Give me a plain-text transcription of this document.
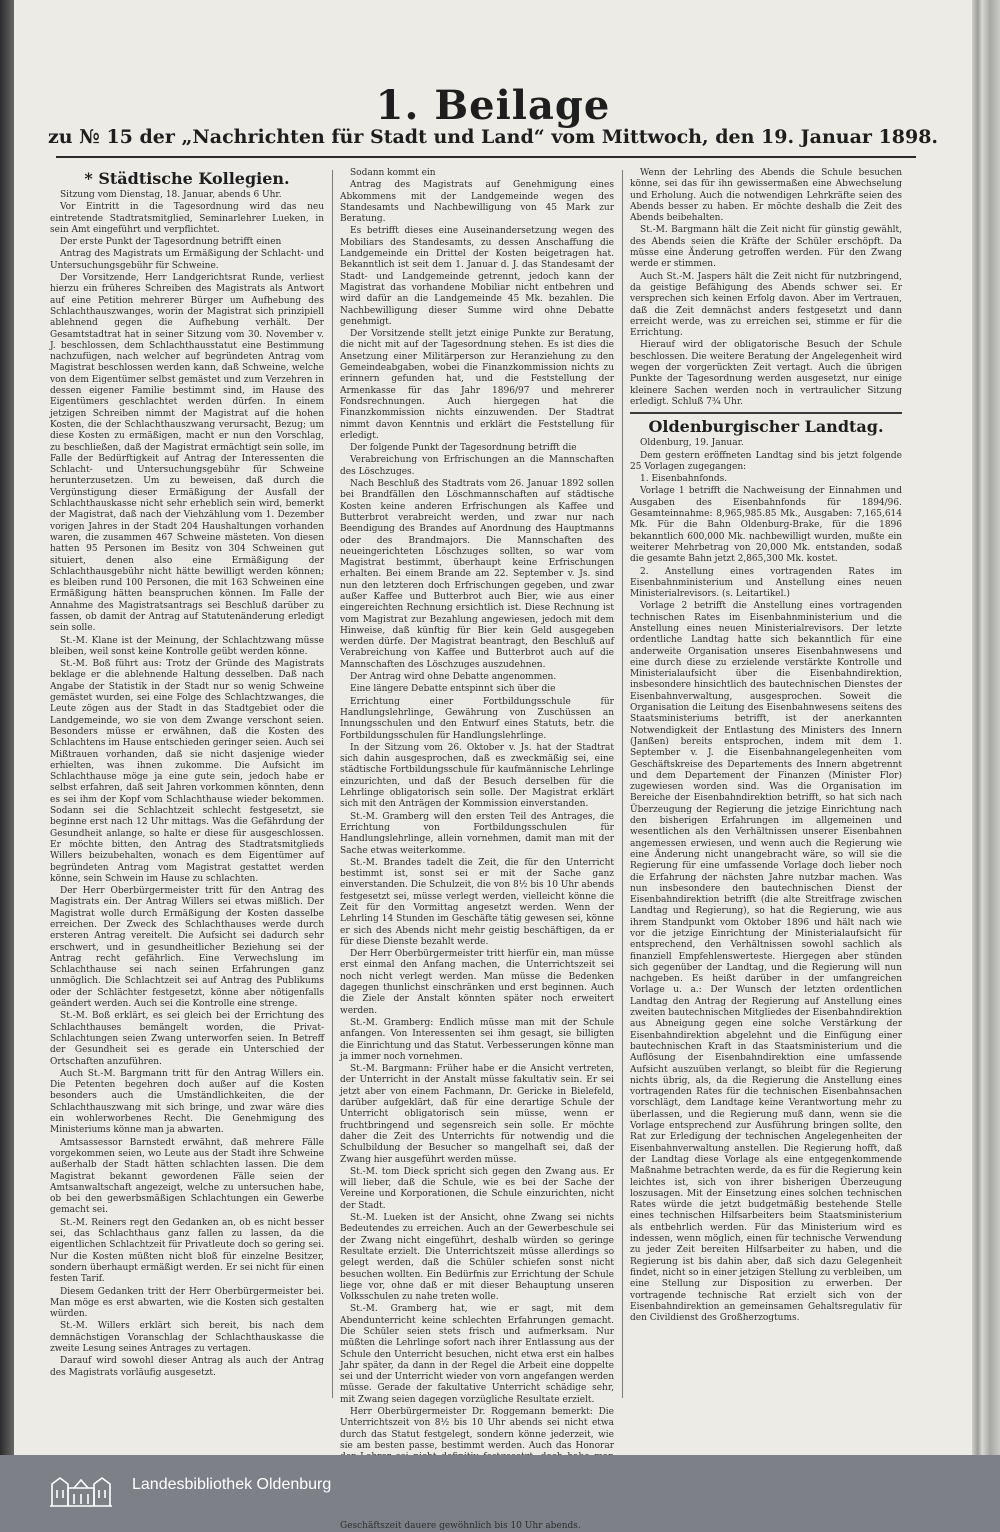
1. Beilage
zu № 15 der „Nachrichten für Stadt und Land“ vom Mittwoch, den 19. Januar 1898.
* Städtische Kollegien.

Sitzung vom Dienstag, 18. Januar, abends 6 Uhr.

Vor Eintritt in die Tagesordnung wird das neu eintretende Stadtratsmitglied, Seminarlehrer Lueken, in sein Amt eingeführt und verpflichtet.

Der erste Punkt der Tagesordnung betrifft einen

Antrag des Magistrats um Ermäßigung der Schlacht- und Untersuchungsgebühr für Schweine.

Der Vorsitzende, Herr Landgerichtsrat Runde, verliest hierzu ein früheres Schreiben des Magistrats als Antwort auf eine Petition mehrerer Bürger um Aufhebung des Schlachthauszwanges, worin der Magistrat sich prinzipiell ablehnend gegen die Aufhebung verhält. Der Gesamtstadtrat hat in seiner Sitzung vom 30. November v. J. beschlossen, dem Schlachthausstatut eine Bestimmung nachzufügen, nach welcher auf begründeten Antrag vom Magistrat beschlossen werden kann, daß Schweine, welche von dem Eigentümer selbst gemästet und zum Verzehren in dessen eigener Familie bestimmt sind, im Hause des Eigentümers geschlachtet werden dürfen. In einem jetzigen Schreiben nimmt der Magistrat auf die hohen Kosten, die der Schlachthauszwang verursacht, Bezug; um diese Kosten zu ermäßigen, macht er nun den Vorschlag, zu beschließen, daß der Magistrat ermächtigt sein solle, im Falle der Bedürftigkeit auf Antrag der Interessenten die Schlacht- und Untersuchungsgebühr für Schweine herunterzusetzen. Um zu beweisen, daß durch die Vergünstigung dieser Ermäßigung der Ausfall der Schlachthauskasse nicht sehr erheblich sein wird, bemerkt der Magistrat, daß nach der Viehzählung vom 1. Dezember vorigen Jahres in der Stadt 204 Haushaltungen vorhanden waren, die zusammen 467 Schweine mästeten. Von diesen hatten 95 Personen im Besitz von 304 Schweinen gut situiert, denen also eine Ermäßigung der Schlachthausgebühr nicht hätte bewilligt werden können; es bleiben rund 100 Personen, die mit 163 Schweinen eine Ermäßigung hätten beanspruchen können. Im Falle der Annahme des Magistratsantrags sei Beschluß darüber zu fassen, ob damit der Antrag auf Statutenänderung erledigt sein solle.

St.-M. Klane ist der Meinung, der Schlachtzwang müsse bleiben, weil sonst keine Kontrolle geübt werden könne.

St.-M. Boß führt aus: Trotz der Gründe des Magistrats beklage er die ablehnende Haltung desselben. Daß nach Angabe der Statistik in der Stadt nur so wenig Schweine gemästet wurden, sei eine Folge des Schlachtzwanges, die Leute zögen aus der Stadt in das Stadtgebiet oder die Landgemeinde, wo sie von dem Zwange verschont seien. Besonders müsse er erwähnen, daß die Kosten des Schlachtens im Hause entschieden geringer seien. Auch sei Mißtrauen vorhanden, daß sie nicht dasjenige wieder erhielten, was ihnen zukomme. Die Aufsicht im Schlachthause möge ja eine gute sein, jedoch habe er selbst erfahren, daß seit Jahren vorkommen könnten, denn es sei ihm der Kopf vom Schlachthause wieder bekommen. Sodann sei die Schlachtzeit schlecht festgesetzt, sie beginne erst nach 12 Uhr mittags. Was die Gefährdung der Gesundheit anlange, so halte er diese für ausgeschlossen. Er möchte bitten, den Antrag des Stadtratsmitglieds Willers beizubehalten, wonach es dem Eigentümer auf begründeten Antrag vom Magistrat gestattet werden könne, sein Schwein im Hause zu schlachten.

Der Herr Oberbürgermeister tritt für den Antrag des Magistrats ein. Der Antrag Willers sei etwas mißlich. Der Magistrat wolle durch Ermäßigung der Kosten dasselbe erreichen. Der Zweck des Schlachthauses werde durch ersteren Antrag vereitelt. Die Aufsicht sei dadurch sehr erschwert, und in gesundheitlicher Beziehung sei der Antrag recht gefährlich. Eine Verwechslung im Schlachthause sei nach seinen Erfahrungen ganz unmöglich. Die Schlachtzeit sei auf Antrag des Publikums oder der Schlächter festgesetzt, könne aber nötigenfalls geändert werden. Auch sei die Kontrolle eine strenge.

St.-M. Boß erklärt, es sei gleich bei der Errichtung des Schlachthauses bemängelt worden, die Privat-Schlachtungen seien Zwang unterworfen seien. In Betreff der Gesundheit sei es gerade ein Unterschied der Ortschaften anzuführen.

Auch St.-M. Bargmann tritt für den Antrag Willers ein. Die Petenten begehren doch außer auf die Kosten besonders auch die Umständlichkeiten, die der Schlachthauszwang mit sich bringe, und zwar wäre dies ein wohlerworbenes Recht. Die Genehmigung des Ministeriums könne man ja abwarten.

Amtsassessor Barnstedt erwähnt, daß mehrere Fälle vorgekommen seien, wo Leute aus der Stadt ihre Schweine außerhalb der Stadt hätten schlachten lassen. Die dem Magistrat bekannt gewordenen Fälle seien der Amtsanwaltschaft angezeigt, welche zu untersuchen habe, ob bei den gewerbsmäßigen Schlachtungen ein Gewerbe gemacht sei.

St.-M. Reiners regt den Gedanken an, ob es nicht besser sei, das Schlachthaus ganz fallen zu lassen, da die eigentlichen Schlachtzeit für Privatleute doch so gering sei. Nur die Kosten müßten nicht bloß für einzelne Besitzer, sondern überhaupt ermäßigt werden. Er sei nicht für einen festen Tarif.

Diesem Gedanken tritt der Herr Oberbürgermeister bei. Man möge es erst abwarten, wie die Kosten sich gestalten würden.

St.-M. Willers erklärt sich bereit, bis nach dem demnächstigen Voranschlag der Schlachthauskasse die zweite Lesung seines Antrages zu vertagen.

Darauf wird sowohl dieser Antrag als auch der Antrag des Magistrats vorläufig ausgesetzt.

Sodann kommt ein

Antrag des Magistrats auf Genehmigung eines Abkommens mit der Landgemeinde wegen des Standesamts und Nachbewilligung von 45 Mark zur Beratung.

Es betrifft dieses eine Auseinandersetzung wegen des Mobiliars des Standesamts, zu dessen Anschaffung die Landgemeinde ein Drittel der Kosten beigetragen hat. Bekanntlich ist seit dem 1. Januar d. J. das Standesamt der Stadt- und Landgemeinde getrennt, jedoch kann der Magistrat das vorhandene Mobiliar nicht entbehren und wird dafür an die Landgemeinde 45 Mk. bezahlen. Die Nachbewilligung dieser Summe wird ohne Debatte genehmigt.

Der Vorsitzende stellt jetzt einige Punkte zur Beratung, die nicht mit auf der Tagesordnung stehen. Es ist dies die Ansetzung einer Militärperson zur Heranziehung zu den Gemeindeabgaben, wobei die Finanzkommission nichts zu erinnern gefunden hat, und die Feststellung der Armenkasse für das Jahr 1896/97 und mehrerer Fondsrechnungen. Auch hiergegen hat die Finanzkommission nichts einzuwenden. Der Stadtrat nimmt davon Kenntnis und erklärt die Feststellung für erledigt.

Der folgende Punkt der Tagesordnung betrifft die

Verabreichung von Erfrischungen an die Mannschaften des Löschzuges.

Nach Beschluß des Stadtrats vom 26. Januar 1892 sollen bei Brandfällen den Löschmannschaften auf städtische Kosten keine anderen Erfrischungen als Kaffee und Butterbrot verabreicht werden, und zwar nur nach Beendigung des Brandes auf Anordnung des Hauptmanns oder des Brandmajors. Die Mannschaften des neueingerichteten Löschzuges sollten, so war vom Magistrat bestimmt, überhaupt keine Erfrischungen erhalten. Bei einem Brande am 22. September v. Js. sind nun den letzteren doch Erfrischungen gegeben, und zwar außer Kaffee und Butterbrot auch Bier, wie aus einer eingereichten Rechnung ersichtlich ist. Diese Rechnung ist vom Magistrat zur Bezahlung angewiesen, jedoch mit dem Hinweise, daß künftig für Bier kein Geld ausgegeben werden dürfe. Der Magistrat beantragt, den Beschluß auf Verabreichung von Kaffee und Butterbrot auch auf die Mannschaften des Löschzuges auszudehnen.

Der Antrag wird ohne Debatte angenommen.

Eine längere Debatte entspinnt sich über die

Errichtung einer Fortbildungsschule für Handlungslehrlinge, Gewährung von Zuschüssen an Innungsschulen und den Entwurf eines Statuts, betr. die Fortbildungsschulen für Handlungslehrlinge.

In der Sitzung vom 26. Oktober v. Js. hat der Stadtrat sich dahin ausgesprochen, daß es zweckmäßig sei, eine städtische Fortbildungsschule für kaufmännische Lehrlinge einzurichten, und daß der Besuch derselben für die Lehrlinge obligatorisch sein solle. Der Magistrat erklärt sich mit den Anträgen der Kommission einverstanden.

St.-M. Gramberg will den ersten Teil des Antrages, die Errichtung von Fortbildungsschulen für Handlungslehrlinge, allein vornehmen, damit man mit der Sache etwas weiterkomme.

St.-M. Brandes tadelt die Zeit, die für den Unterricht bestimmt ist, sonst sei er mit der Sache ganz einverstanden. Die Schulzeit, die von 8½ bis 10 Uhr abends festgesetzt sei, müsse verlegt werden, vielleicht könne die Zeit für den Vormittag angesetzt werden. Wenn der Lehrling 14 Stunden im Geschäfte tätig gewesen sei, könne er sich des Abends nicht mehr geistig beschäftigen, da er für diese Dienste bezahlt werde.

Der Herr Oberbürgermeister tritt hierfür ein, man müsse erst einmal den Anfang machen, die Unterrichtszeit sei noch nicht verlegt werden. Man müsse die Bedenken dagegen thunlichst einschränken und erst beginnen. Auch die Ziele der Anstalt könnten später noch erweitert werden.

St.-M. Gramberg: Endlich müsse man mit der Schule anfangen. Von Interessenten sei ihm gesagt, sie billigten die Einrichtung und das Statut. Verbesserungen könne man ja immer noch vornehmen.

St.-M. Bargmann: Früher habe er die Ansicht vertreten, der Unterricht in der Anstalt müsse fakultativ sein. Er sei jetzt aber von einem Fachmann, Dr. Gericke in Bielefeld, darüber aufgeklärt, daß für eine derartige Schule der Unterricht obligatorisch sein müsse, wenn er fruchtbringend und segensreich sein solle. Er möchte daher die Zeit des Unterrichts für notwendig und die Schulbildung der Besucher so mangelhaft sei, daß der Zwang hier ausgeführt werden müsse.

St.-M. tom Dieck spricht sich gegen den Zwang aus. Er will lieber, daß die Schule, wie es bei der Sache der Vereine und Korporationen, die Schule einzurichten, nicht der Stadt.

St.-M. Lueken ist der Ansicht, ohne Zwang sei nichts Bedeutendes zu erreichen. Auch an der Gewerbeschule sei der Zwang nicht eingeführt, deshalb würden so geringe Resultate erzielt. Die Unterrichtszeit müsse allerdings so gelegt werden, daß die Schüler schiefen sonst nicht besuchen wollten. Ein Bedürfnis zur Errichtung der Schule liege vor, ohne daß er mit dieser Behauptung unseren Volksschulen zu nahe treten wolle.

St.-M. Gramberg hat, wie er sagt, mit dem Abendunterricht keine schlechten Erfahrungen gemacht. Die Schüler seien stets frisch und aufmerksam. Nur müßten die Lehrlinge sofort nach ihrer Entlassung aus der Schule den Unterricht besuchen, nicht etwa erst ein halbes Jahr später, da dann in der Regel die Arbeit eine doppelte sei und der Unterricht wieder von vorn angefangen werden müsse. Gerade der fakultative Unterricht schädige sehr, mit Zwang seien dagegen vorzügliche Resultate erzielt.

Herr Oberbürgermeister Dr. Roggemann bemerkt: Die Unterrichtszeit von 8½ bis 10 Uhr abends sei nicht etwa durch das Statut festgelegt, sondern könne jederzeit, wie sie am besten passe, bestimmt werden. Auch das Honorar

Geschäftszeit dauere gewöhnlich bis 10 Uhr abends.

Wenn der Lehrling des Abends die Schule besuchen könne, sei das für ihn gewissermaßen eine Abwechselung und Erholung. Auch die notwendigen Lehrkräfte seien des Abends besser zu haben. Er möchte deshalb die Zeit des Abends beibehalten.

St.-M. Bargmann hält die Zeit nicht für günstig gewählt, des Abends seien die Kräfte der Schüler erschöpft. Da müsse eine Änderung getroffen werden. Für den Zwang werde er stimmen.

Auch St.-M. Jaspers hält die Zeit nicht für nutzbringend, da geistige Befähigung des Abends schwer sei. Er versprechen sich keinen Erfolg davon. Aber im Vertrauen, daß die Zeit demnächst anders festgesetzt und dann erreicht werde, was zu erreichen sei, stimme er für die Errichtung.

Hierauf wird der obligatorische Besuch der Schule beschlossen. Die weitere Beratung der Angelegenheit wird wegen der vorgerückten Zeit vertagt. Auch die übrigen Punkte der Tagesordnung werden ausgesetzt, nur einige kleinere Sachen werden noch in vertraulicher Sitzung erledigt. Schluß 7¾ Uhr.

Oldenburgischer Landtag.

Oldenburg, 19. Januar.

Dem gestern eröffneten Landtag sind bis jetzt folgende 25 Vorlagen zugegangen:

1. Eisenbahnfonds.

Vorlage 1 betrifft die Nachweisung der Einnahmen und Ausgaben des Eisenbahnfonds für 1894/96. Gesamteinnahme: 8,965,985.85 Mk., Ausgaben: 7,165,614 Mk. Für die Bahn Oldenburg-Brake, für die 1896 bekanntlich 600,000 Mk. nachbewilligt wurden, mußte ein weiterer Mehrbetrag von 20,000 Mk. entstanden, sodaß die gesamte Bahn jetzt 2,865,300 Mk. kostet.

2. Anstellung eines vortragenden Rates im Eisenbahnministerium und Anstellung eines neuen Ministerialrevisors. (s. Leitartikel.)

Vorlage 2 betrifft die Anstellung eines vortragenden technischen Rates im Eisenbahnministerium und die Anstellung eines neuen Ministerialrevisors. Der letzte ordentliche Landtag hatte sich bekanntlich für eine anderweite Organisation unseres Eisenbahnwesens und eine durch diese zu erzielende verstärkte Kontrolle und Ministerialaufsicht über die Eisenbahndirektion, insbesondere hinsichtlich des bautechnischen Dienstes der Eisenbahnverwaltung, ausgesprochen. Soweit die Organisation die Leitung des Eisenbahnwesens seitens des Staatsministeriums betrifft, ist der anerkannten Notwendigkeit der Entlastung des Ministers des Innern (Janßen) bereits entsprochen, indem mit dem 1. September v. J. die Eisenbahnangelegenheiten vom Geschäftskreise des Departements des Innern abgetrennt und dem Departement der Finanzen (Minister Flor) zugewiesen worden sind. Was die Organisation im Bereiche der Eisenbahndirektion betrifft, so hat sich nach Überzeugung der Regierung die jetzige Einrichtung nach den bisherigen Erfahrungen im allgemeinen und wesentlichen als den Verhältnissen unserer Eisenbahnen angemessen erwiesen, und wenn auch die Regierung wie eine Änderung nicht unangebracht wäre, so will sie die Regierung für eine umfassende Vorlage doch lieber noch die Erfahrung der nächsten Jahre nutzbar machen. Was nun insbesondere den bautechnischen Dienst der Eisenbahndirektion betrifft (die alte Streitfrage zwischen Landtag und Regierung), so hat die Regierung, wie aus ihrem Standpunkt vom Oktober 1896 und hält nach wie vor die jetzige Einrichtung der Ministerialaufsicht für entsprechend, den Verhältnissen sowohl sachlich als finanziell Empfehlenswerteste. Hiergegen aber stünden sich gegenüber der Landtag, und die Regierung will nun nachgeben. Es heißt darüber in der umfangreichen Vorlage u. a.: Der Wunsch der letzten ordentlichen Landtag den Antrag der Regierung auf Anstellung eines zweiten bautechnischen Mitgliedes der Eisenbahndirektion aus Abneigung gegen eine solche Verstärkung der Eisenbahndirektion abgelehnt und die Einfügung einer bautechnischen Kraft in das Staatsministerium und die Auflösung der Eisenbahndirektion eine umfassende Aufsicht auszuüben verlangt, so bleibt für die Regierung nichts übrig, als, da die Regierung die Anstellung eines vortragenden Rates für die technischen Eisenbahnsachen vorschlägt, dem Landtage keine Verantwortung mehr zu überlassen, und die Regierung muß dann, wenn sie die Vorlage entsprechend zur Ausführung bringen sollte, den Rat zur Erledigung der technischen Angelegenheiten der Eisenbahnverwaltung anstellen. Die Regierung hofft, daß der Landtag diese Vorlage als eine entgegenkommende Maßnahme betrachten werde, da es für die Regierung kein leichtes ist, sich von ihrer bisherigen Überzeugung loszusagen. Mit der Einsetzung eines solchen technischen Rates würde die jetzt budgetmäßig bestehende Stelle eines technischen Hilfsarbeiters beim Staatsministerium als entbehrlich werden. Für das Ministerium wird es indessen, wenn möglich, einen für technische Verwendung zu jeder Zeit bereiten Hilfsarbeiter zu haben, und die Regierung ist bis dahin aber, daß sich dazu Gelegenheit findet, nicht so in einer jetzigen Stellung zu verbleiben, um eine Stellung zur Disposition zu erwerben. Der vortragende technische Rat erzielt sich von der Eisenbahndirektion an gemeinsamen Gehaltsregulativ für den Civildienst des Großherzogtums.

Landesbibliothek Oldenburg
